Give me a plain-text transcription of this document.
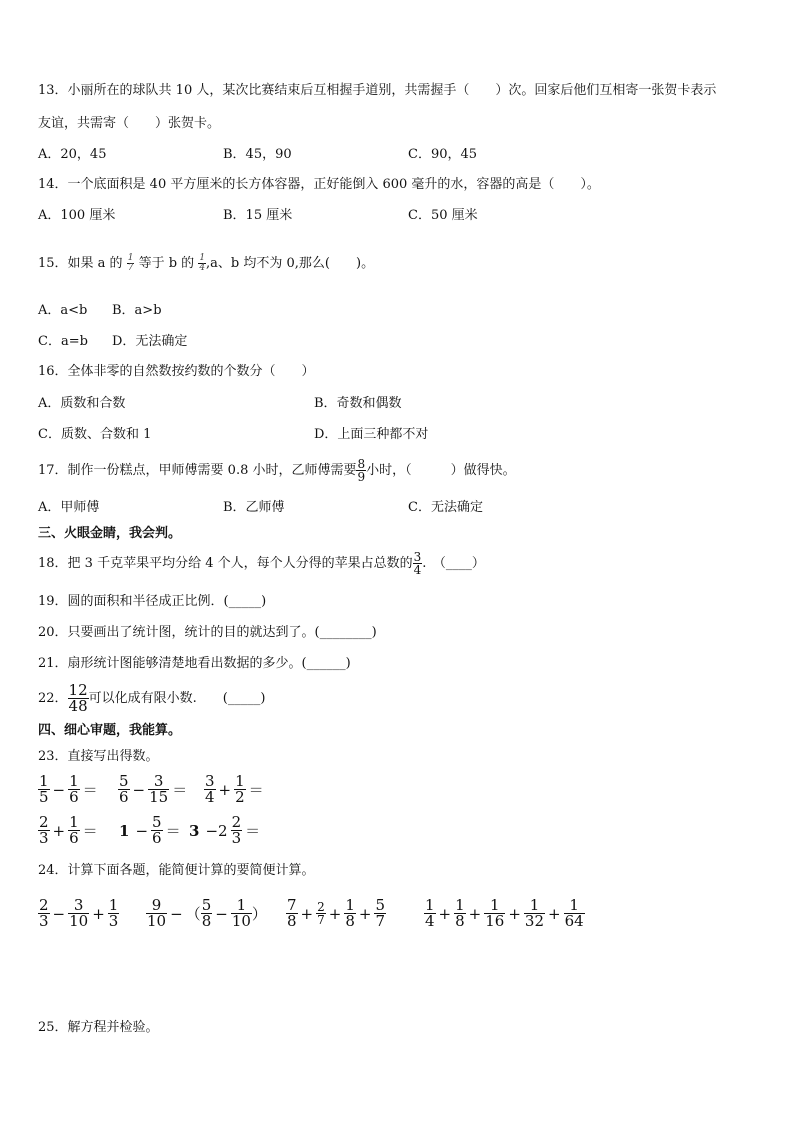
13．小丽所在的球队共 10 人，某次比赛结束后互相握手道别，共需握手（　　）次。回家后他们互相寄一张贺卡表示
友谊，共需寄（　　）张贺卡。
A．20，45	B．45，90	C．90，45
14．一个底面积是 40 平方厘米的长方体容器，正好能倒入 600 毫升的水，容器的高是（　　）。
A．100 厘米	B．15 厘米	C．50 厘米
15．如果 a 的 $\frac{1}{7}$ 等于 b 的 $\frac{1}{4} ,a$、b 均不为 0,那么(　　)。
A．a<b B．a>b
C．a=b D．无法确定
16．全体非零的自然数按约数的个数分（　　）
A．质数和合数	B．奇数和偶数
C．质数、合数和 1	D．上面三种都不对
17．制作一份糕点，甲师傅需要 0.8 小时，乙师傅需要 $\frac{8}{9}$ 小时，（　　　）做得快。
A．甲师傅	B．乙师傅	C．无法确定
三、火眼金睛，我会判。
18．把 3 千克苹果平均分给 4 个人，每个人分得的苹果占总数的 $\frac{3}{4}$ .　（____）
19．圆的面积和半径成正比例．(_____)
20．只要画出了统计图，统计的目的就达到了。(________)
21．扇形统计图能够清楚地看出数据的多少。(______)
22． $\frac{12}{48}$ 可以化成有限小数.　　(_____)
四、细心审题，我能算。
23．直接写出得数。
$\frac{1}{5} - \frac{1}{6} = \frac{5}{6} - \frac{3}{15} = \frac{3}{4} + \frac{1}{2}$ ＝
$\frac{2}{3} + \frac{1}{6} = 1 - \frac{5}{6} = 3 -2 \frac{2}{3}$ ＝
24．计算下面各题，能简便计算的要简便计算。
$\frac{2}{3} - \frac{3}{10} + \frac{1}{3} \frac{9}{10}$ − （ $\frac{5}{8} - \frac{1}{10}$ ） $\frac{7}{8} + \frac{2}{7} + \frac{1}{8} + \frac{5}{7}$	$\frac{1}{4} + \frac{1}{8} + \frac{1}{16} + \frac{1}{32} + \frac{1}{64}$
25．解方程并检验。
